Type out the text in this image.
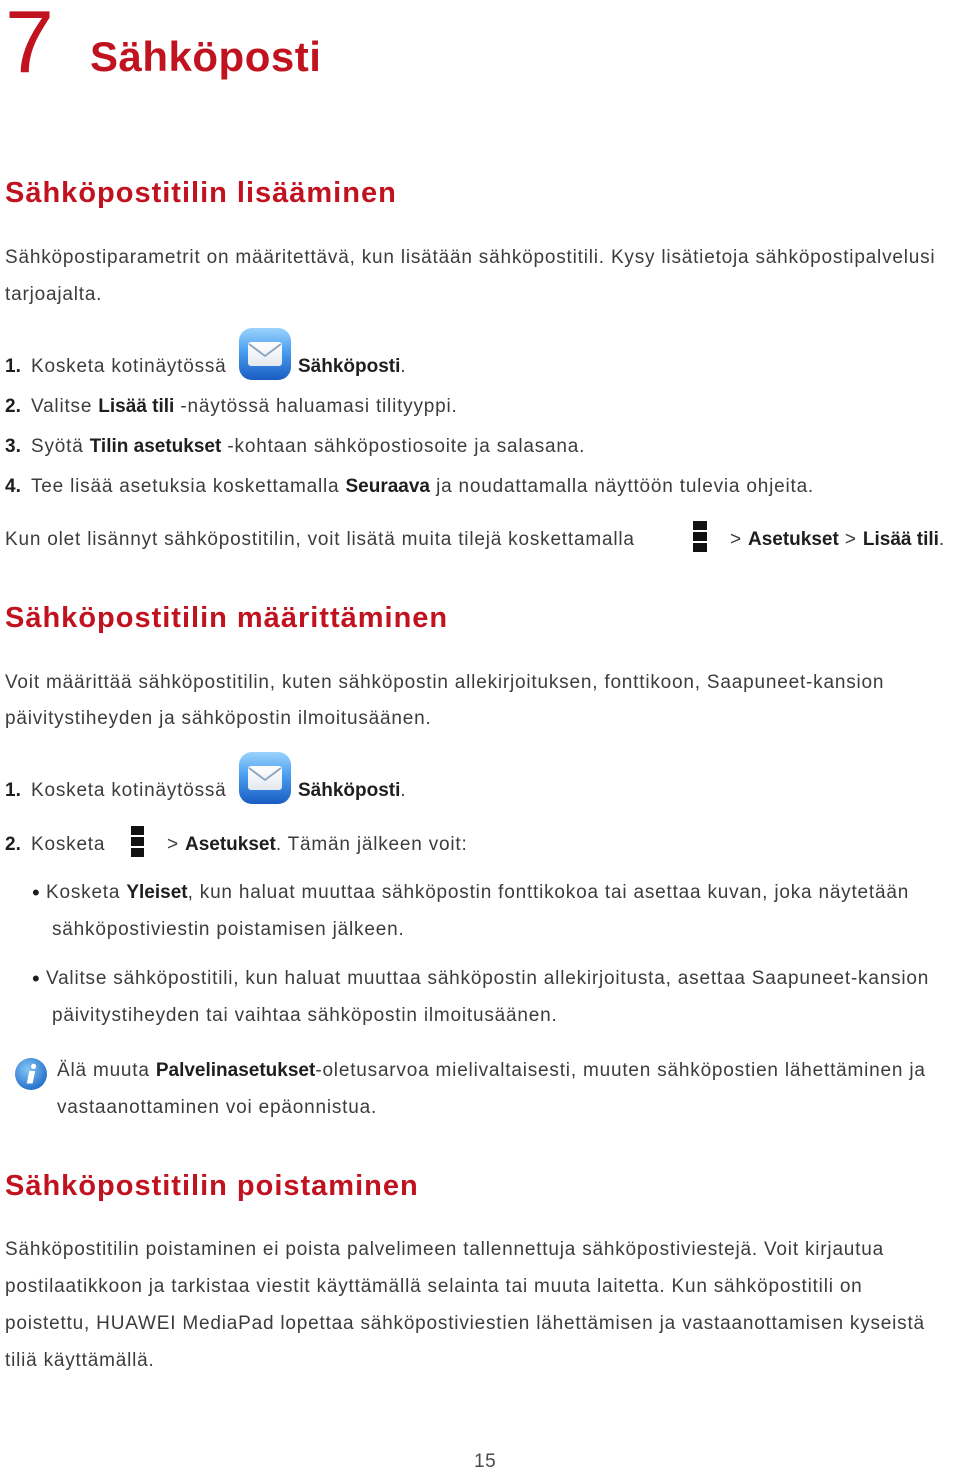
7 Sähköposti
Sähköpostitilin lisääminen
Sähköpostiparametrit on määritettävä, kun lisätään sähköpostitili. Kysy lisätietoja sähköpostipalvelusi
tarjoajalta.
1. Kosketa kotinäytössä	Sähköposti.
2. Valitse Lisää tili -näytössä haluamasi tilityyppi.
3. Syötä Tilin asetukset -kohtaan sähköpostiosoite ja salasana.
4. Tee lisää asetuksia koskettamalla Seuraava ja noudattamalla näyttöön tulevia ohjeita.
Kun olet lisännyt sähköpostitilin, voit lisätä muita tilejä koskettamalla	> Asetukset > Lisää tili.
Sähköpostitilin määrittäminen
Voit määrittää sähköpostitilin, kuten sähköpostin allekirjoituksen, fonttikoon, Saapuneet-kansion
päivitystiheyden ja sähköpostin ilmoitusäänen.
1. Kosketa kotinäytössä	Sähköposti.
2. Kosketa	> Asetukset. Tämän jälkeen voit:
• Kosketa Yleiset, kun haluat muuttaa sähköpostin fonttikokoa tai asettaa kuvan, joka näytetään
sähköpostiviestin poistamisen jälkeen.
• Valitse sähköpostitili, kun haluat muuttaa sähköpostin allekirjoitusta, asettaa Saapuneet-kansion
päivitystiheyden tai vaihtaa sähköpostin ilmoitusäänen.
Älä muuta Palvelinasetukset-oletusarvoa mielivaltaisesti, muuten sähköpostien lähettäminen ja
vastaanottaminen voi epäonnistua.
Sähköpostitilin poistaminen
Sähköpostitilin poistaminen ei poista palvelimeen tallennettuja sähköpostiviestejä. Voit kirjautua
postilaatikkoon ja tarkistaa viestit käyttämällä selainta tai muuta laitetta. Kun sähköpostitili on
poistettu, HUAWEI MediaPad lopettaa sähköpostiviestien lähettämisen ja vastaanottamisen kyseistä
tiliä käyttämällä.
15
